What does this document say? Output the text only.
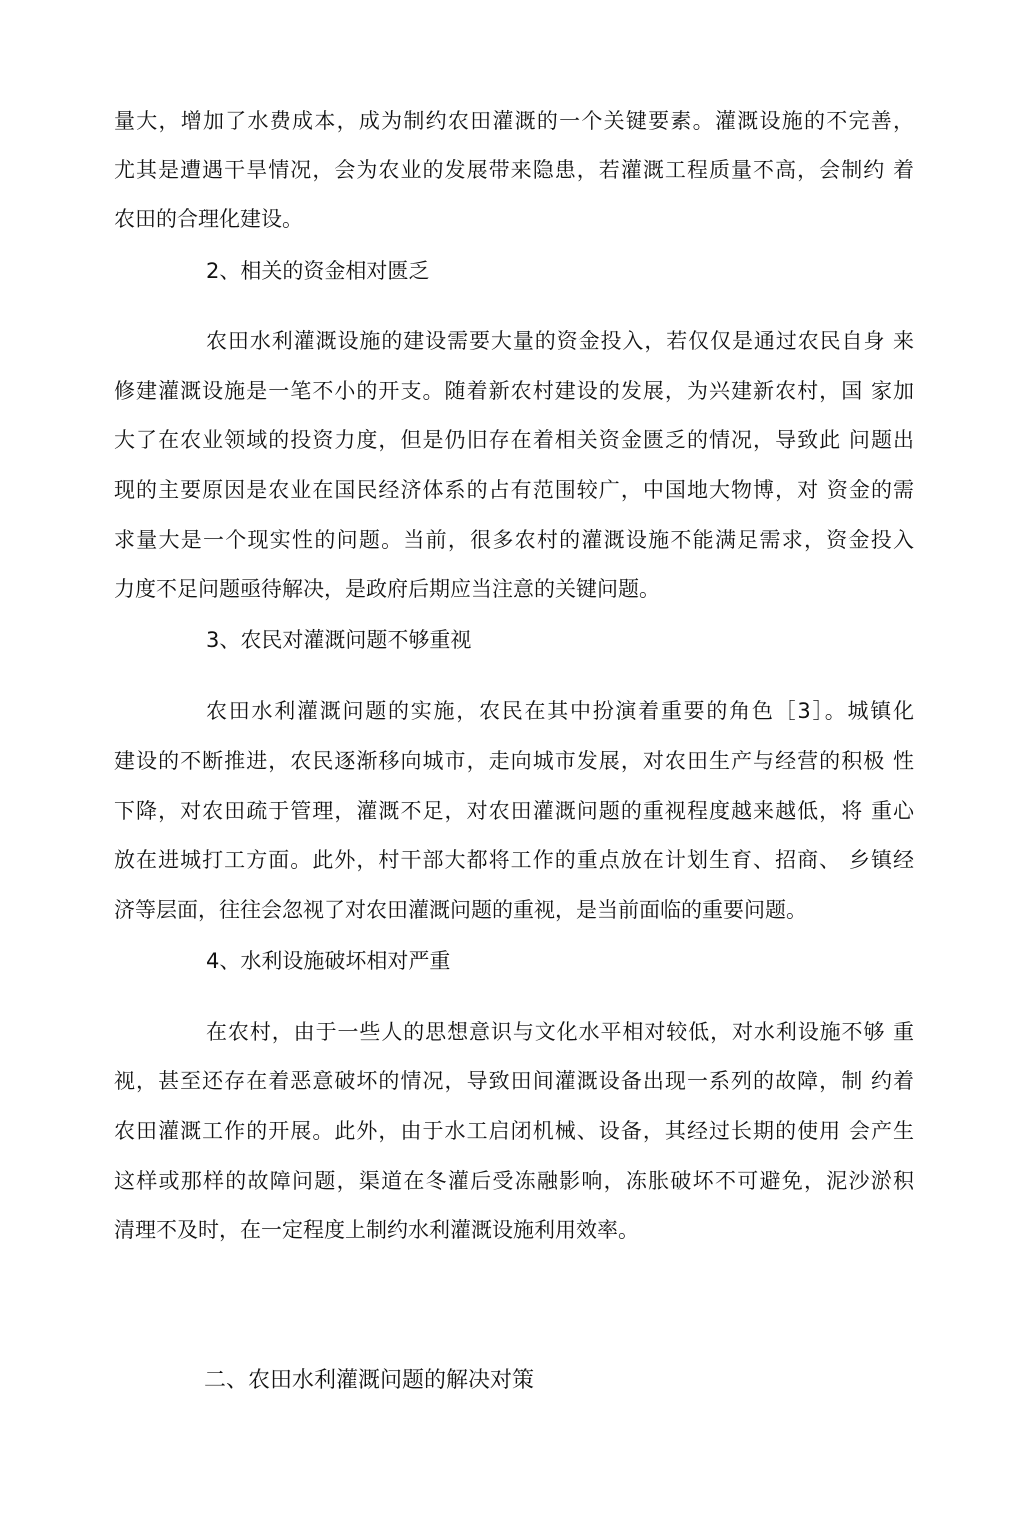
量大，增加了水费成本，成为制约农田灌溉的一个关键要素。灌溉设施的不完善，
尤其是遭遇干旱情况，会为农业的发展带来隐患，若灌溉工程质量不高，会制约 着
农田的合理化建设。
2、相关的资金相对匮乏
农田水利灌溉设施的建设需要大量的资金投入，若仅仅是通过农民自身 来
修建灌溉设施是一笔不小的开支。随着新农村建设的发展，为兴建新农村，国 家加
大了在农业领域的投资力度，但是仍旧存在着相关资金匮乏的情况，导致此 问题出
现的主要原因是农业在国民经济体系的占有范围较广，中国地大物博，对 资金的需
求量大是一个现实性的问题。当前，很多农村的灌溉设施不能满足需求，资金投入
力度不足问题亟待解决，是政府后期应当注意的关键问题。
3、农民对灌溉问题不够重视
农田水利灌溉问题的实施，农民在其中扮演着重要的角色［3］。城镇化
建设的不断推进，农民逐渐移向城市，走向城市发展，对农田生产与经营的积极 性
下降，对农田疏于管理，灌溉不足，对农田灌溉问题的重视程度越来越低，将 重心
放在进城打工方面。此外，村干部大都将工作的重点放在计划生育、招商、 乡镇经
济等层面，往往会忽视了对农田灌溉问题的重视，是当前面临的重要问题。
4、水利设施破坏相对严重
在农村，由于一些人的思想意识与文化水平相对较低，对水利设施不够 重
视，甚至还存在着恶意破坏的情况，导致田间灌溉设备出现一系列的故障，制 约着
农田灌溉工作的开展。此外，由于水工启闭机械、设备，其经过长期的使用 会产生
这样或那样的故障问题，渠道在冬灌后受冻融影响，冻胀破坏不可避免，泥沙淤积
清理不及时，在一定程度上制约水利灌溉设施利用效率。
二、农田水利灌溉问题的解决对策
